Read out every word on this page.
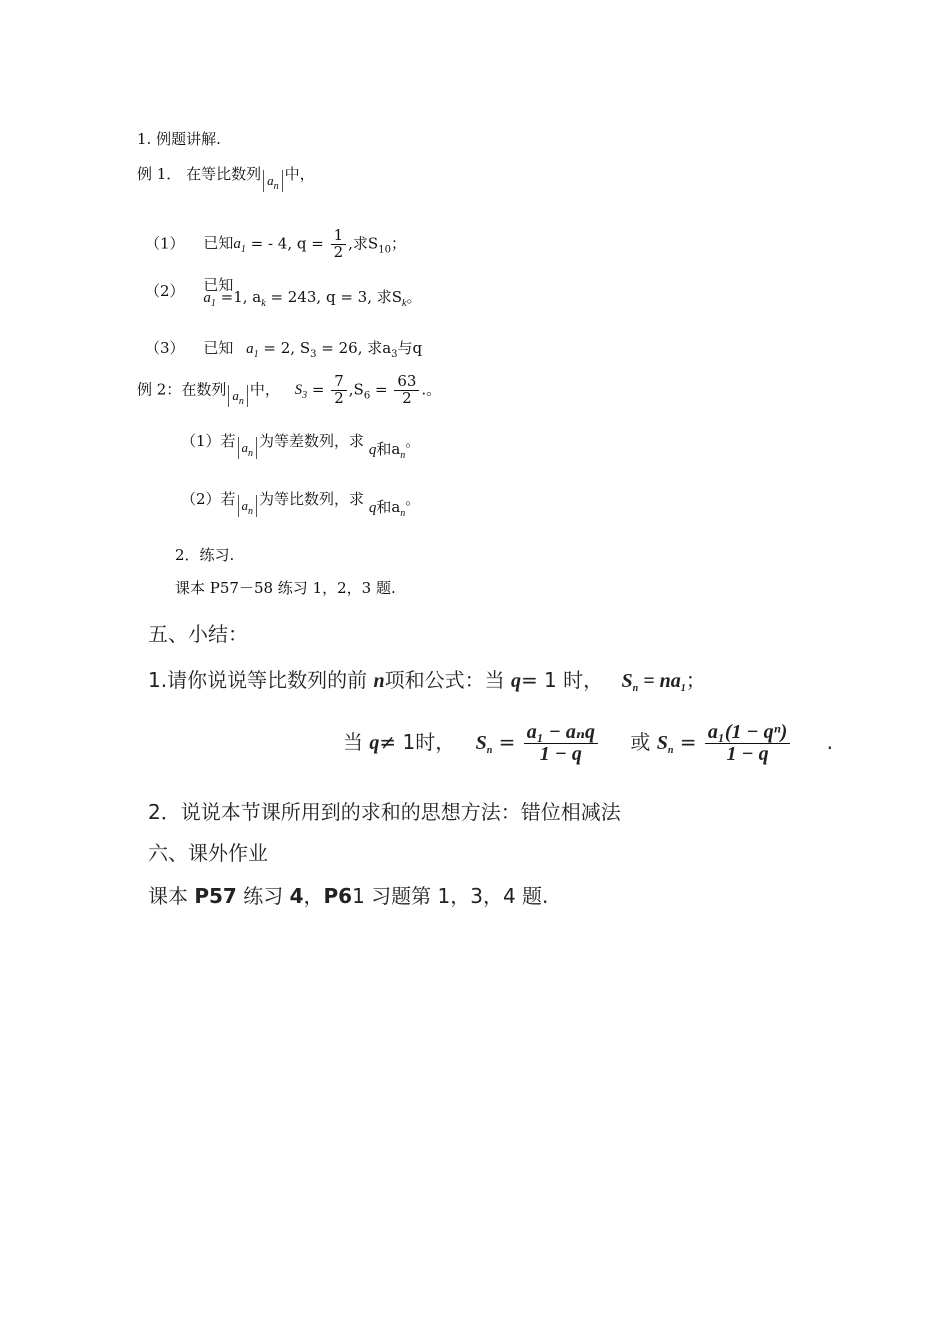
1. 例题讲解.
例 1． 在等比数列 $a_n$中，
（1） 已知$a_1$ = - 4, $q = \frac{1}{2}$ ,求$S_{10}$；
（2） 已知$a_1 =1$, $a_k = 243$, q = 3, 求$S_k$。
（3） 已知 $a_1 = 2$, $S_3 = 26$, 求$a_3$与q
例 2：在数列 $a_n$中， $S_3 = \frac{7}{2} ,S_6 = \frac{63}{2}$ .。
（1）若 $a_n$为等差数列，求 q和$a_n$。
（2）若 $a_n$为等比数列，求 q和$a_n$。
2．练习.
课本 P57－58 练习 1，2，3 题.
五、小结：
1.请你说说等比数列的前 n项和公式：当 q= 1 时， $S_n = na_1$；
当 q≠ 1时， $S_n = \frac{\text{a₁ − aₙq}}{1 - q}$ 或 $S_n = \frac{\text{a₁(1 − qⁿ)}}{1 - q}$ .
2．说说本节课所用到的求和的思想方法：错位相减法
六、课外作业
课本 P57 练习 4，P61 习题第 1，3，4 题.
